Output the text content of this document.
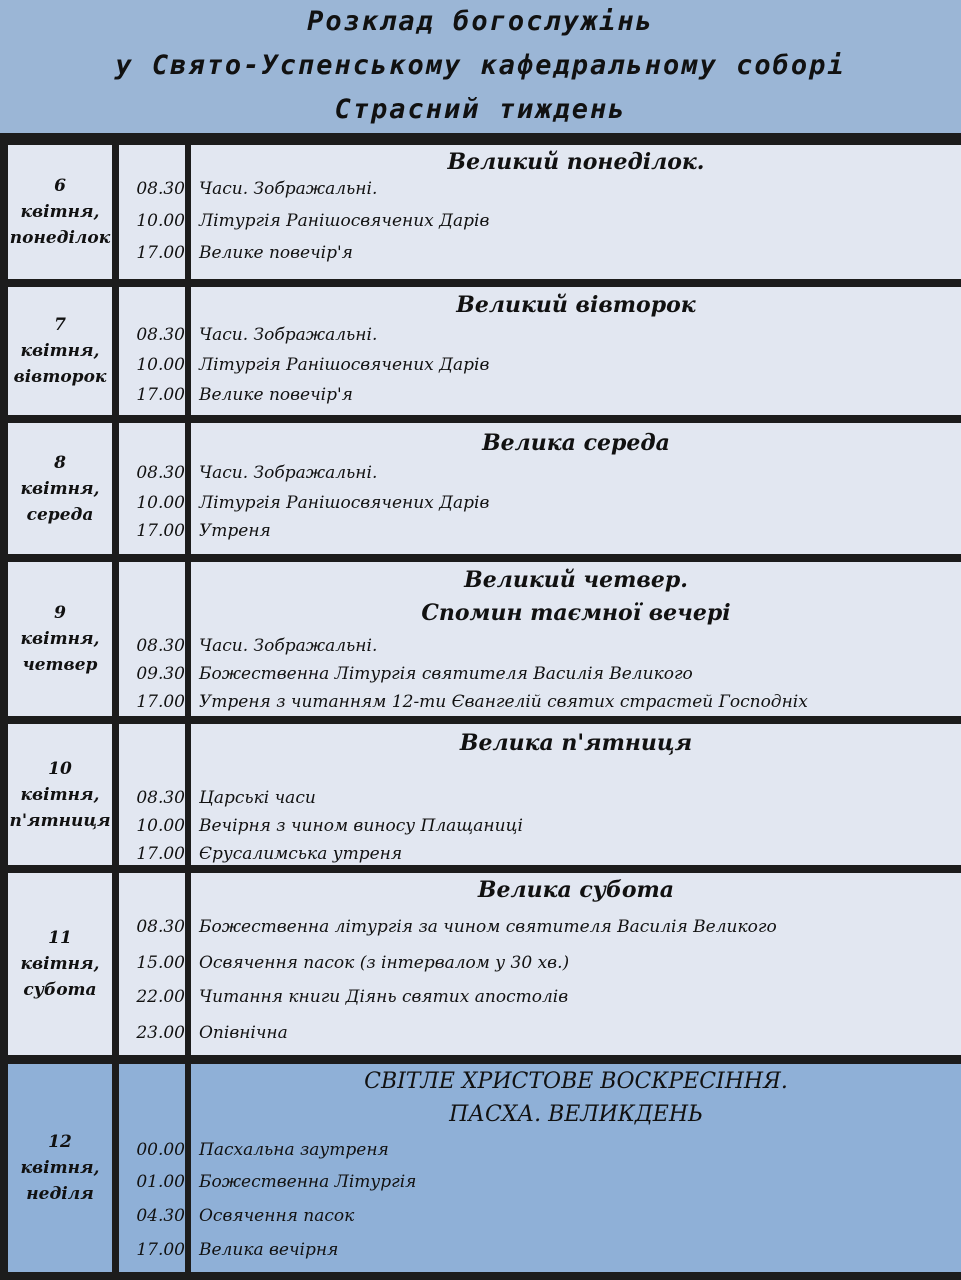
Розклад богослужінь
у Свято-Успенському кафедральному соборі
Страсний тиждень
6
квітня,
понеділок
08.30
10.00
17.00
Великий понеділок.
Часи. Зображальні.
Літургія Ранішосвячених Дарів
Велике повечір'я
7
квітня,
вівторок
08.30
10.00
17.00
Великий вівторок
Часи. Зображальні.
Літургія Ранішосвячених Дарів
Велике повечір'я
8
квітня,
середа
08.30
10.00
17.00
Велика середа
Часи. Зображальні.
Літургія Ранішосвячених Дарів
Утреня
9
квітня,
четвер
08.30
09.30
17.00
Великий четвер.
Спомин таємної вечері
Часи. Зображальні.
Божественна Літургія святителя Василія Великого
Утреня з читанням 12-ти Євангелій святих страстей Господніх
10
квітня,
п'ятниця
08.30
10.00
17.00
Велика п'ятниця
Царські часи
Вечірня з чином виносу Плащаниці
Єрусалимська утреня
11
квітня,
субота
08.30
15.00
22.00
23.00
Велика субота
Божественна літургія за чином святителя Василія Великого
Освячення пасок (з інтервалом у 30 хв.)
Читання книги Діянь святих апостолів
Опівнічна
12
квітня,
неділя
00.00
01.00
04.30
17.00
СВІТЛЕ ХРИСТОВЕ ВОСКРЕСІННЯ.
ПАСХА. ВЕЛИКДЕНЬ
Пасхальна заутреня
Божественна Літургія
Освячення пасок
Велика вечірня
